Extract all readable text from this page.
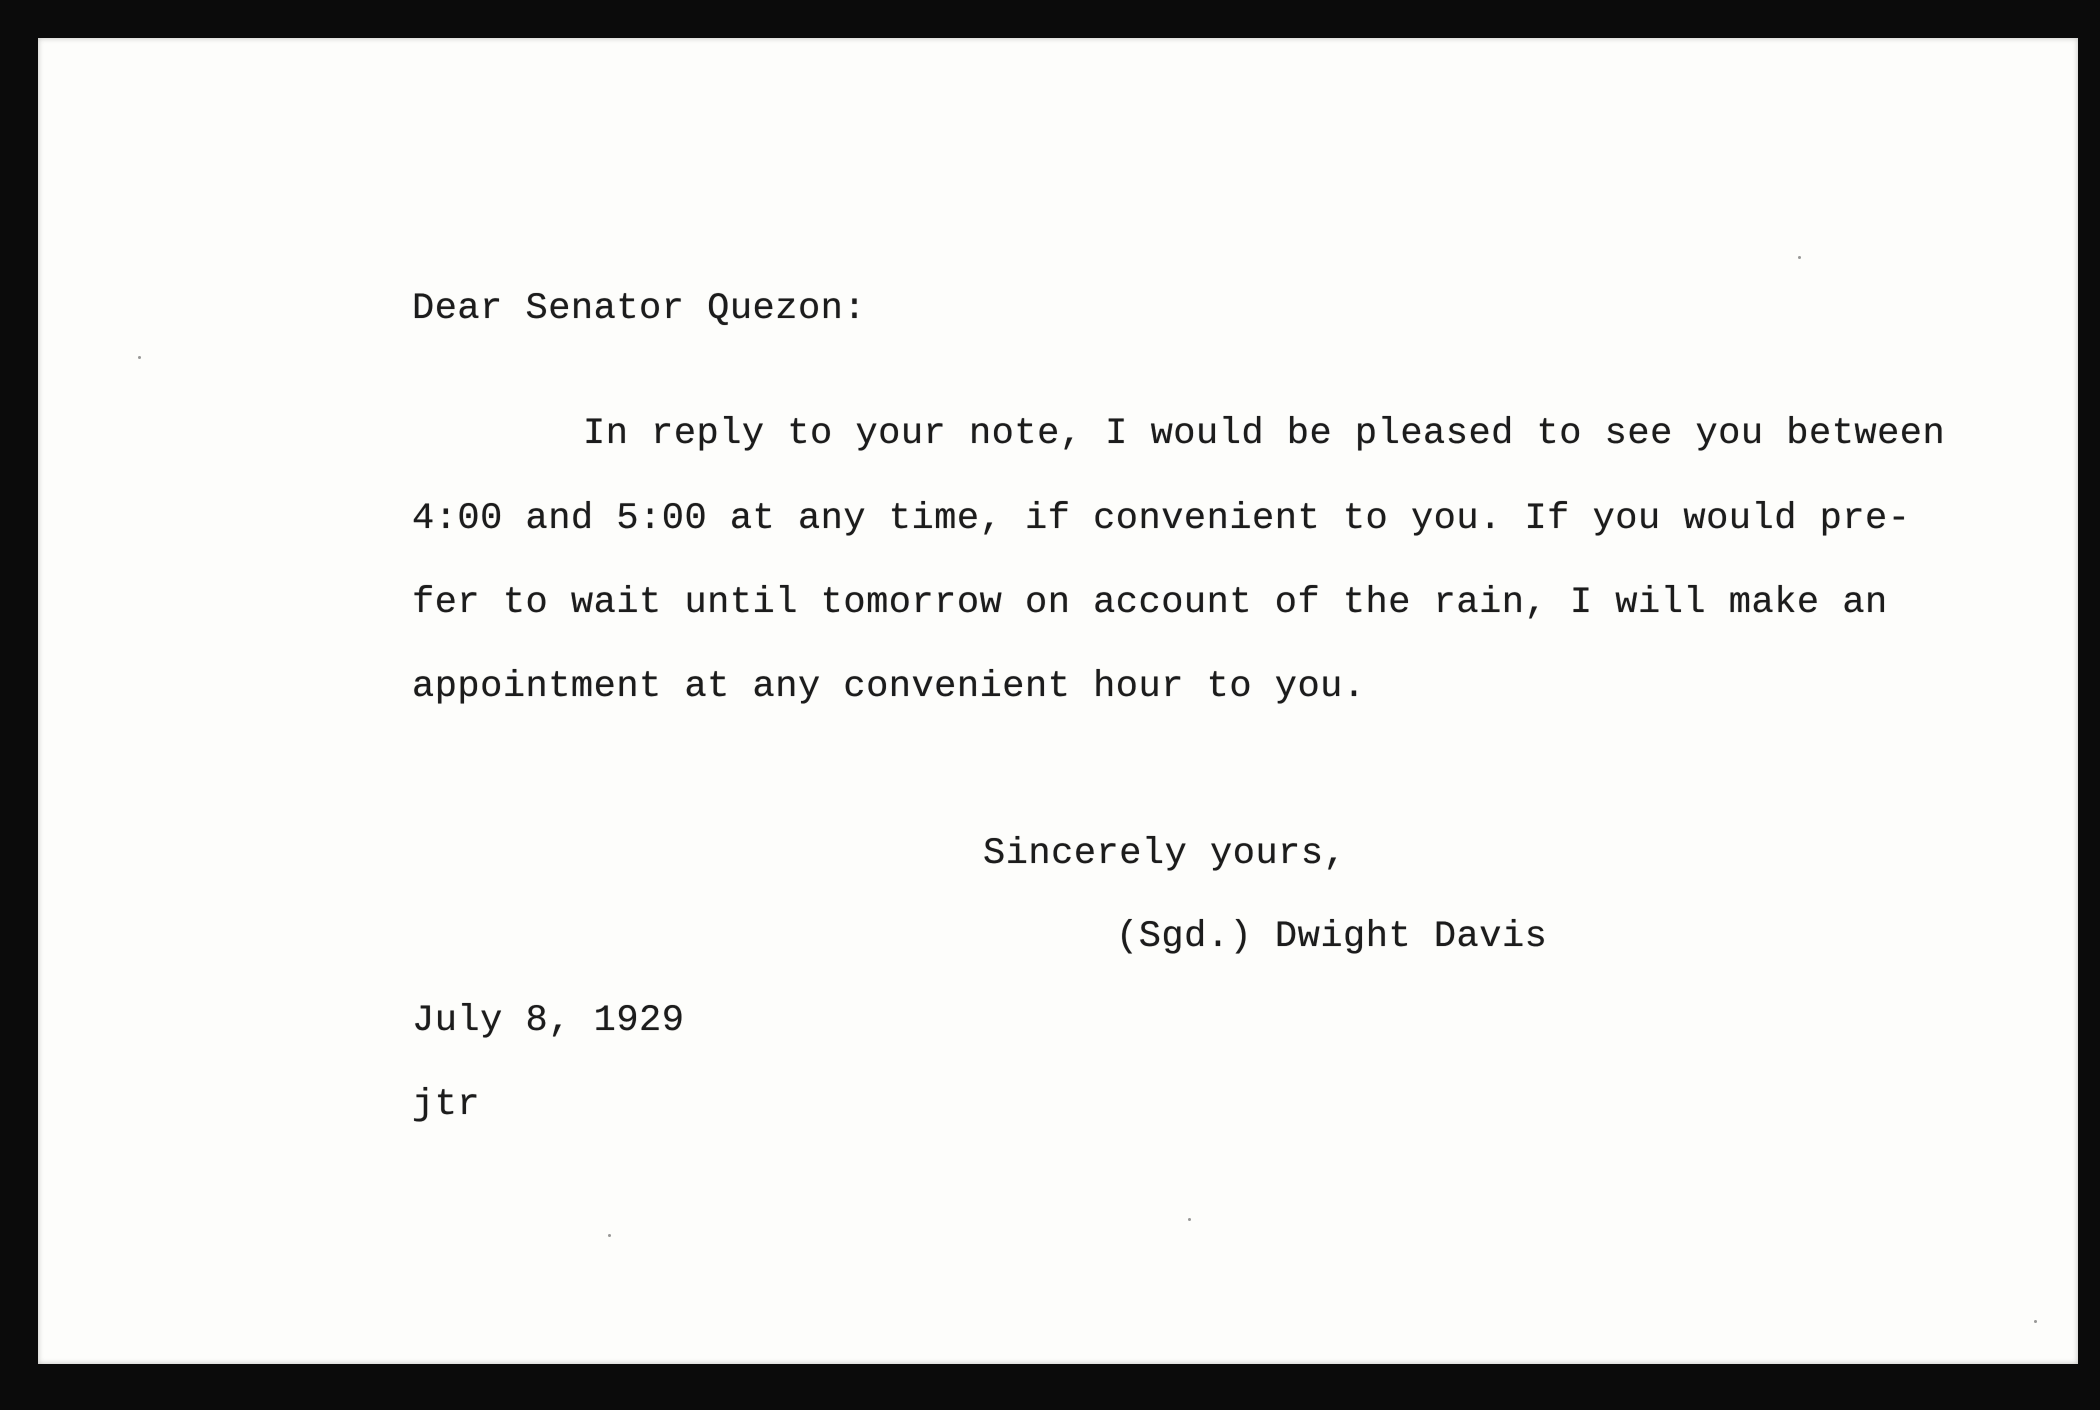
Dear Senator Quezon:
In reply to your note, I would be pleased to see you between
4:00 and 5:00 at any time, if convenient to you. If you would pre-
fer to wait until tomorrow on account of the rain, I will make an
appointment at any convenient hour to you.
Sincerely yours,
(Sgd.) Dwight Davis
July 8, 1929
jtr
